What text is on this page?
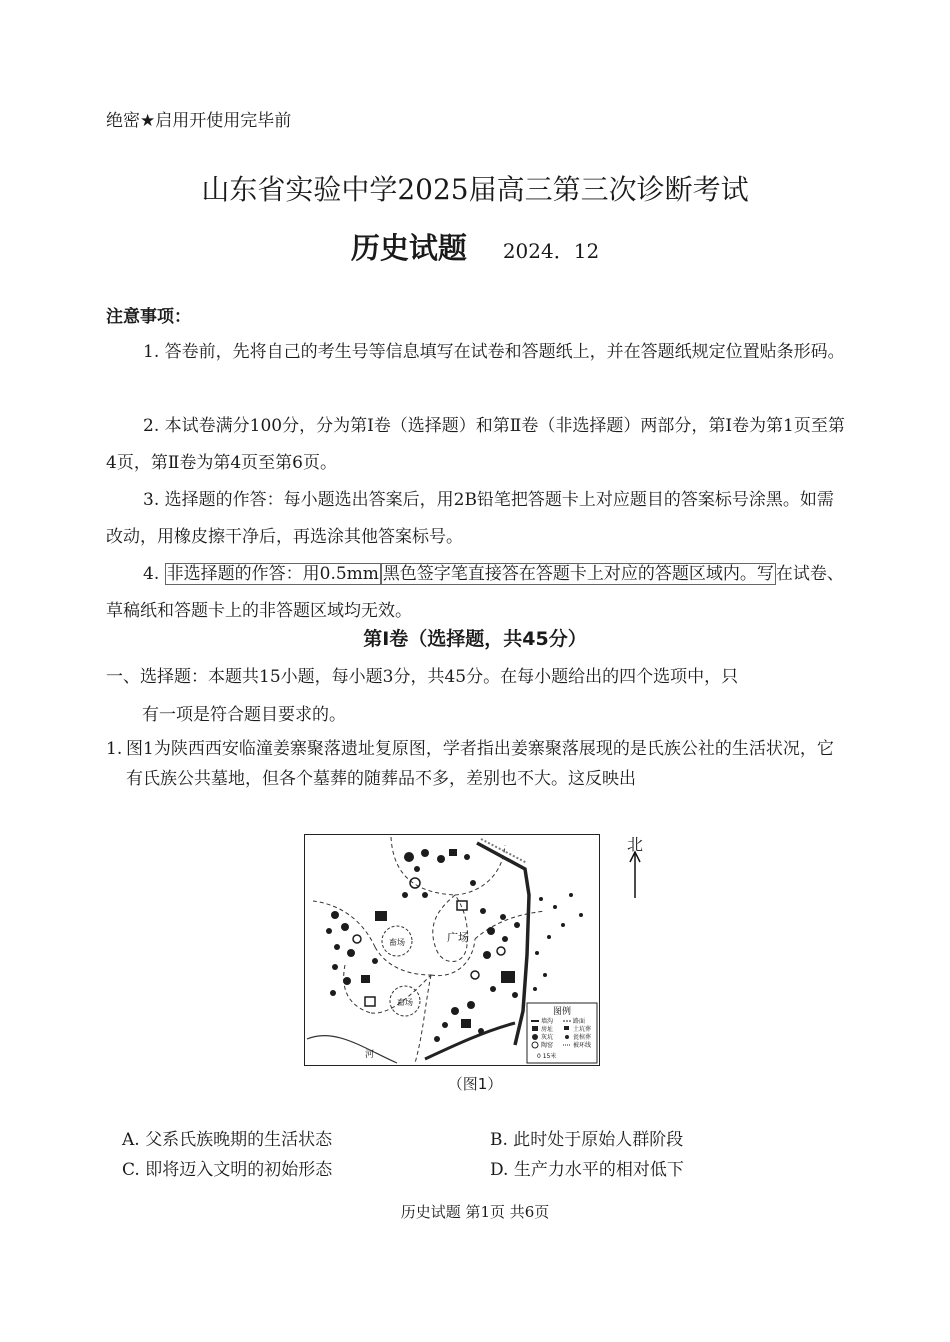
绝密★启用开使用完毕前
山东省实验中学2025届高三第三次诊断考试
历史试题 2024．12
注意事项：
1. 答卷前，先将自己的考生号等信息填写在试卷和答题纸上，并在答题纸规定位置贴条形码。
2. 本试卷满分100分，分为第Ⅰ卷（选择题）和第Ⅱ卷（非选择题）两部分，第Ⅰ卷为第1页至第4页，第Ⅱ卷为第4页至第6页。
3. 选择题的作答：每小题选出答案后，用2B铅笔把答题卡上对应题目的答案标号涂黑。如需改动，用橡皮擦干净后，再选涂其他答案标号。
4. 非选择题的作答：用0.5mm 黑色签字笔直接答在答题卡上对应的答题区域内。写 在试卷、草稿纸和答题卡上的非答题区域均无效。
第Ⅰ卷（选择题，共45分）
一、选择题：本题共15小题，每小题3分，共45分。在每小题给出的四个选项中，只
有一项是符合题目要求的。
1. 图1为陕西西安临潼姜寨聚落遗址复原图，学者指出姜寨聚落展现的是氏族公社的生活状况，它有氏族公共墓地，但各个墓葬的随葬品不多，差别也不大。这反映出
广场
畜场
畜场
河
图例
墙沟
房址
灰坑
陶窑
路面
土坑葬
瓮棺葬
被环线
0 15米
北
（图1）
A. 父系氏族晚期的生活状态	B. 此时处于原始人群阶段
C. 即将迈入文明的初始形态	D. 生产力水平的相对低下
历史试题 第1页 共6页
